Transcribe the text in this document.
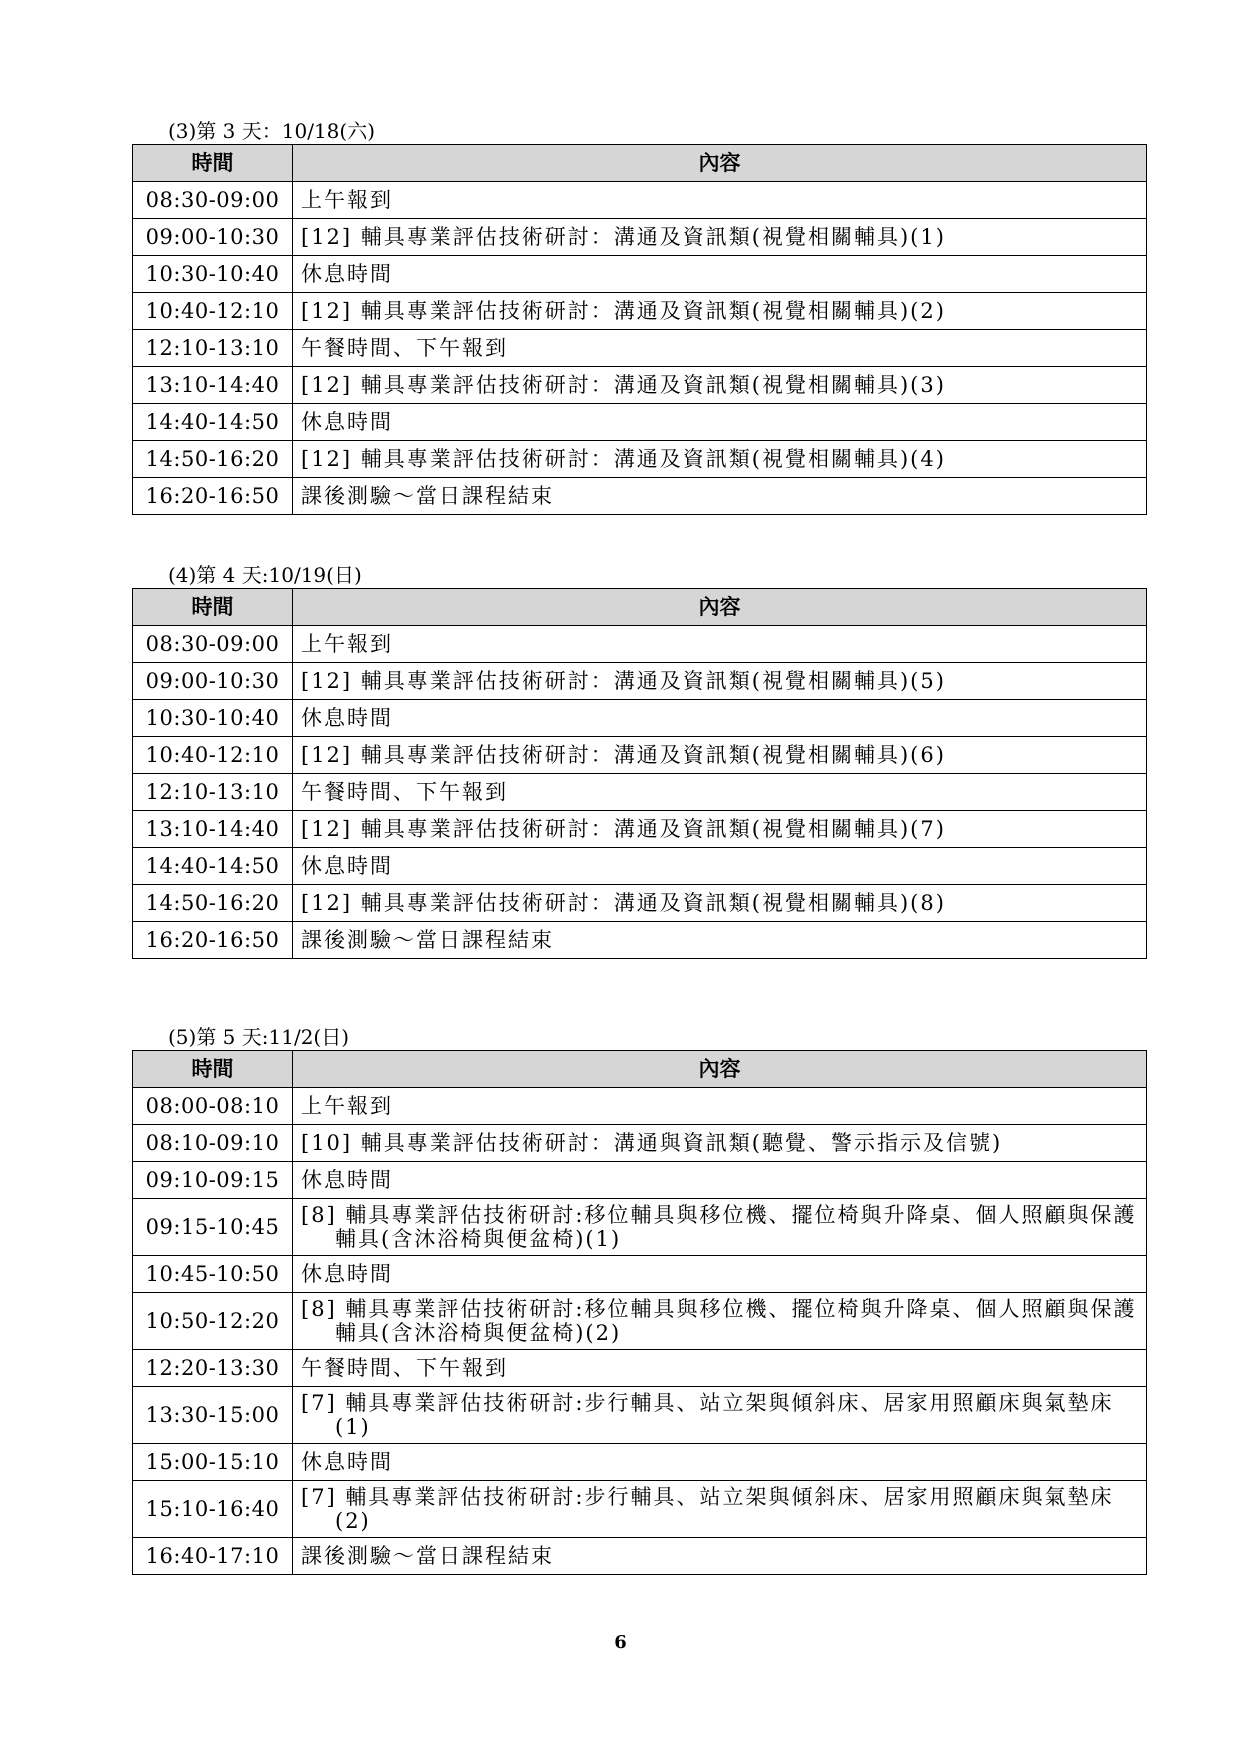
(3)第 3 天：10/18(六)
時間	內容
08:30-09:00	上午報到
09:00-10:30	[12] 輔具專業評估技術研討：溝通及資訊類(視覺相關輔具)(1)
10:30-10:40	休息時間
10:40-12:10	[12] 輔具專業評估技術研討：溝通及資訊類(視覺相關輔具)(2)
12:10-13:10	午餐時間、下午報到
13:10-14:40	[12] 輔具專業評估技術研討：溝通及資訊類(視覺相關輔具)(3)
14:40-14:50	休息時間
14:50-16:20	[12] 輔具專業評估技術研討：溝通及資訊類(視覺相關輔具)(4)
16:20-16:50	課後測驗～當日課程結束
(4)第 4 天:10/19(日)
時間	內容
08:30-09:00	上午報到
09:00-10:30	[12] 輔具專業評估技術研討：溝通及資訊類(視覺相關輔具)(5)
10:30-10:40	休息時間
10:40-12:10	[12] 輔具專業評估技術研討：溝通及資訊類(視覺相關輔具)(6)
12:10-13:10	午餐時間、下午報到
13:10-14:40	[12] 輔具專業評估技術研討：溝通及資訊類(視覺相關輔具)(7)
14:40-14:50	休息時間
14:50-16:20	[12] 輔具專業評估技術研討：溝通及資訊類(視覺相關輔具)(8)
16:20-16:50	課後測驗～當日課程結束
(5)第 5 天:11/2(日)
時間	內容
08:00-08:10	上午報到
08:10-09:10	[10] 輔具專業評估技術研討：溝通與資訊類(聽覺、警示指示及信號)
09:10-09:15	休息時間
09:15-10:45	[8] 輔具專業評估技術研討:移位輔具與移位機、擺位椅與升降桌、個人照顧與保護輔具(含沐浴椅與便盆椅)(1)

10:45-10:50	休息時間
10:50-12:20	[8] 輔具專業評估技術研討:移位輔具與移位機、擺位椅與升降桌、個人照顧與保護輔具(含沐浴椅與便盆椅)(2)

12:20-13:30	午餐時間、下午報到
13:30-15:00	[7] 輔具專業評估技術研討:步行輔具、站立架與傾斜床、居家用照顧床與氣墊床(1)

15:00-15:10	休息時間
15:10-16:40	[7] 輔具專業評估技術研討:步行輔具、站立架與傾斜床、居家用照顧床與氣墊床(2)

16:40-17:10	課後測驗～當日課程結束
6
